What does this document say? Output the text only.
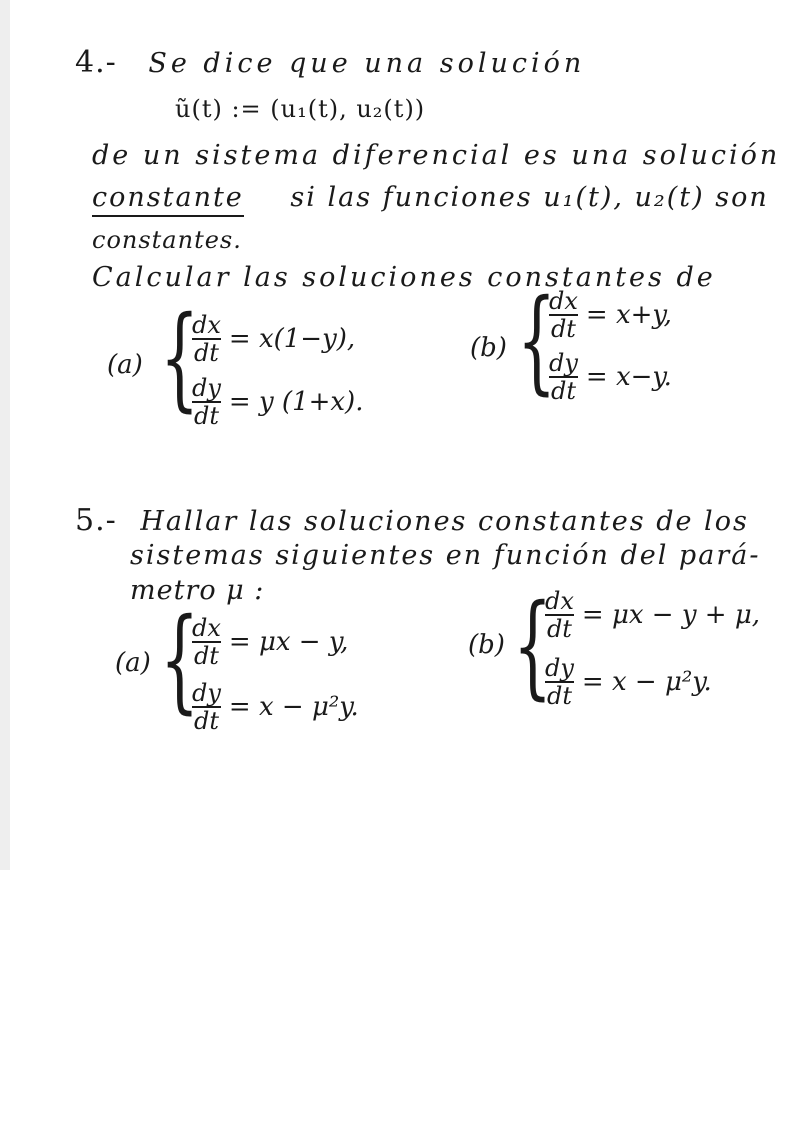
4.- Se dice que una solución
ũ(t) := (u₁(t), u₂(t))
de un sistema diferencial es una solución
constante si las funciones u₁(t), u₂(t) son
constantes.
Calcular las soluciones constantes de
(a) {
$\frac{dx}{dt} = x(1-y)$,
$\frac{dy}{dt} = y$ (1+x).
(b) {
$\frac{dx}{dt} = x+y$,
$\frac{dy}{dt} = x-y$.
5.- Hallar las soluciones constantes de los
sistemas siguientes en función del pará-
metro μ :
(a) {
$\frac{dx}{dt} = \mu x - y$,
$\frac{dy}{dt} = x - \mu^2y$.
(b) {
$\frac{dx}{dt} = \mu x - y + \mu$,
$\frac{dy}{dt} = x - \mu^2y$.
